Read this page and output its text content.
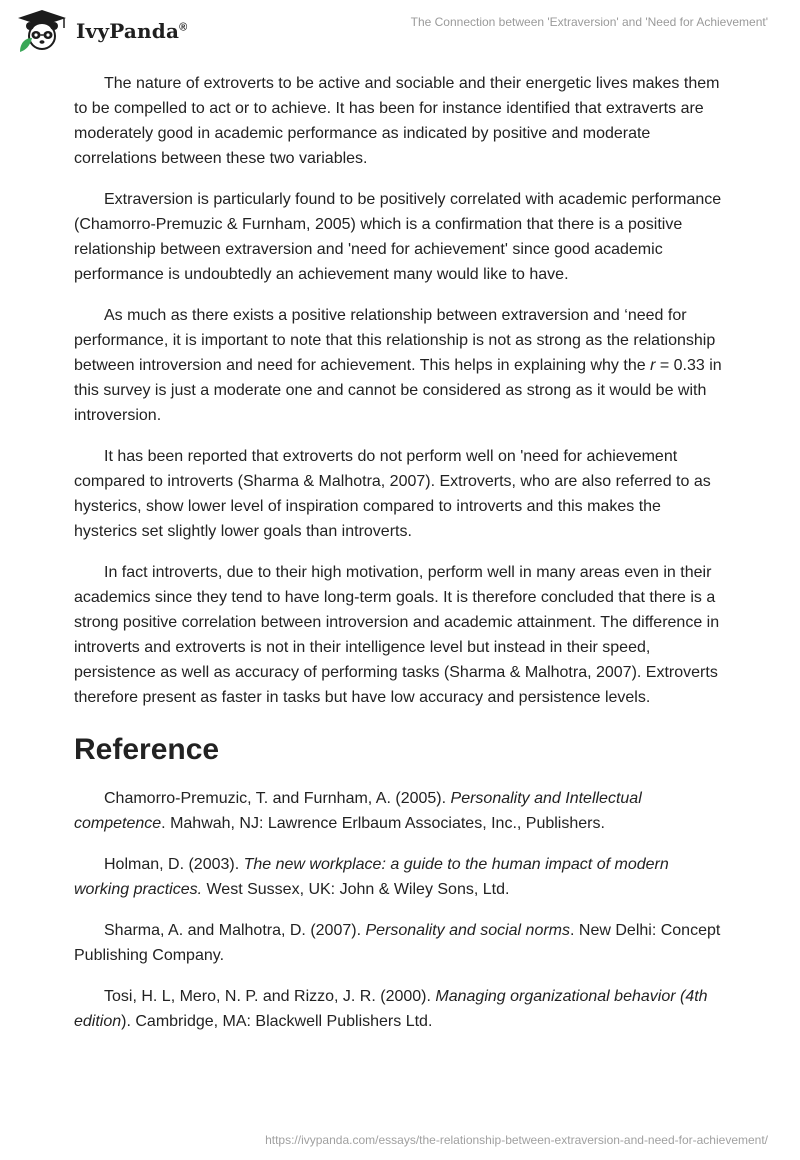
IvyPanda®	The Connection between 'Extraversion' and 'Need for Achievement'

The nature of extroverts to be active and sociable and their energetic lives makes them to be compelled to act or to achieve. It has been for instance identified that extraverts are moderately good in academic performance as indicated by positive and moderate correlations between these two variables.

Extraversion is particularly found to be positively correlated with academic performance (Chamorro-Premuzic & Furnham, 2005) which is a confirmation that there is a positive relationship between extraversion and 'need for achievement' since good academic performance is undoubtedly an achievement many would like to have.

As much as there exists a positive relationship between extraversion and ‘need for performance, it is important to note that this relationship is not as strong as the relationship between introversion and need for achievement. This helps in explaining why the r = 0.33 in this survey is just a moderate one and cannot be considered as strong as it would be with introversion.

It has been reported that extroverts do not perform well on 'need for achievement compared to introverts (Sharma & Malhotra, 2007). Extroverts, who are also referred to as hysterics, show lower level of inspiration compared to introverts and this makes the hysterics set slightly lower goals than introverts.

In fact introverts, due to their high motivation, perform well in many areas even in their academics since they tend to have long-term goals. It is therefore concluded that there is a strong positive correlation between introversion and academic attainment. The difference in introverts and extroverts is not in their intelligence level but instead in their speed, persistence as well as accuracy of performing tasks (Sharma & Malhotra, 2007). Extroverts therefore present as faster in tasks but have low accuracy and persistence levels.

Reference

Chamorro-Premuzic, T. and Furnham, A. (2005). Personality and Intellectual competence. Mahwah, NJ: Lawrence Erlbaum Associates, Inc., Publishers.

Holman, D. (2003). The new workplace: a guide to the human impact of modern working practices. West Sussex, UK: John & Wiley Sons, Ltd.

Sharma, A. and Malhotra, D. (2007). Personality and social norms. New Delhi: Concept Publishing Company.

Tosi, H. L, Mero, N. P. and Rizzo, J. R. (2000). Managing organizational behavior (4th edition). Cambridge, MA: Blackwell Publishers Ltd.

https://ivypanda.com/essays/the-relationship-between-extraversion-and-need-for-achievement/
